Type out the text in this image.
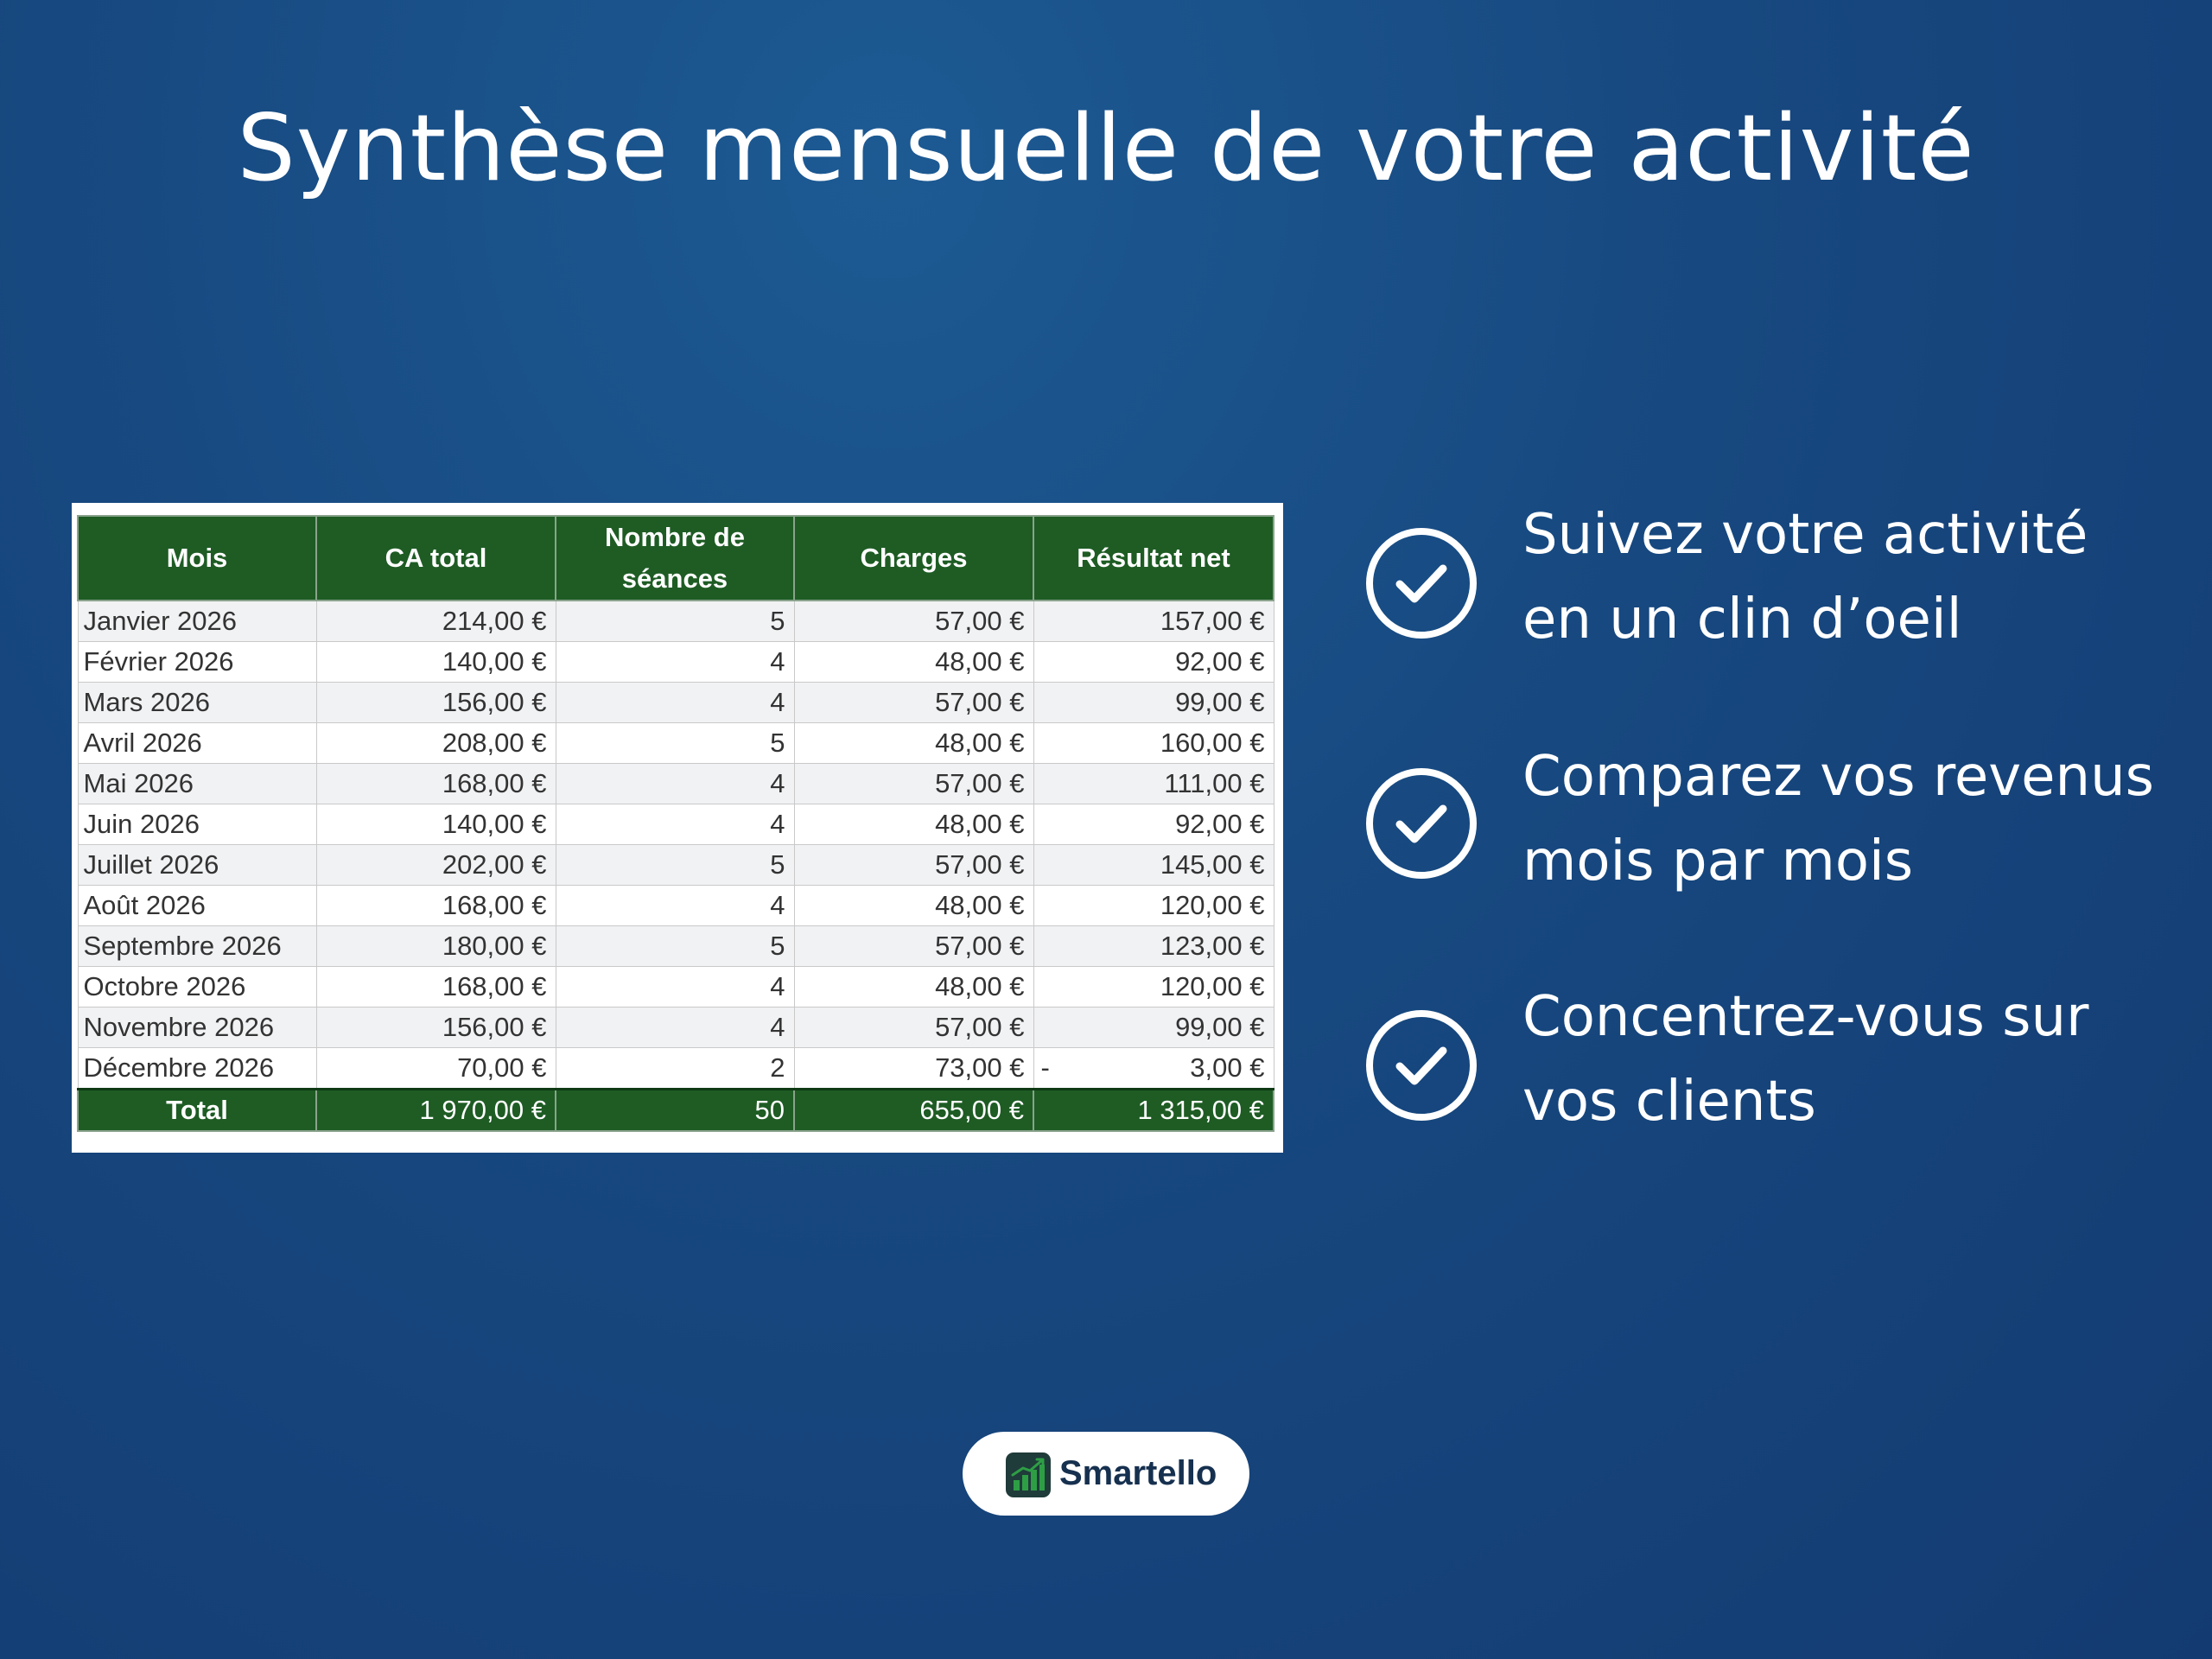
Synthèse mensuelle de votre activité
Mois	CA total	Nombre de séances	Charges	Résultat net
Janvier 2026	214,00 €	5	57,00 €	157,00 €
Février 2026	140,00 €	4	48,00 €	92,00 €
Mars 2026	156,00 €	4	57,00 €	99,00 €
Avril 2026	208,00 €	5	48,00 €	160,00 €
Mai 2026	168,00 €	4	57,00 €	111,00 €
Juin 2026	140,00 €	4	48,00 €	92,00 €
Juillet 2026	202,00 €	5	57,00 €	145,00 €
Août 2026	168,00 €	4	48,00 €	120,00 €
Septembre 2026	180,00 €	5	57,00 €	123,00 €
Octobre 2026	168,00 €	4	48,00 €	120,00 €
Novembre 2026	156,00 €	4	57,00 €	99,00 €
Décembre 2026	70,00 €	2	73,00 €	- 3,00 €
Total	1 970,00 €	50	655,00 €	1 315,00 €
Suivez votre activité
en un clin d’oeil
Comparez vos revenus
mois par mois
Concentrez-vous sur
vos clients
Smartello
